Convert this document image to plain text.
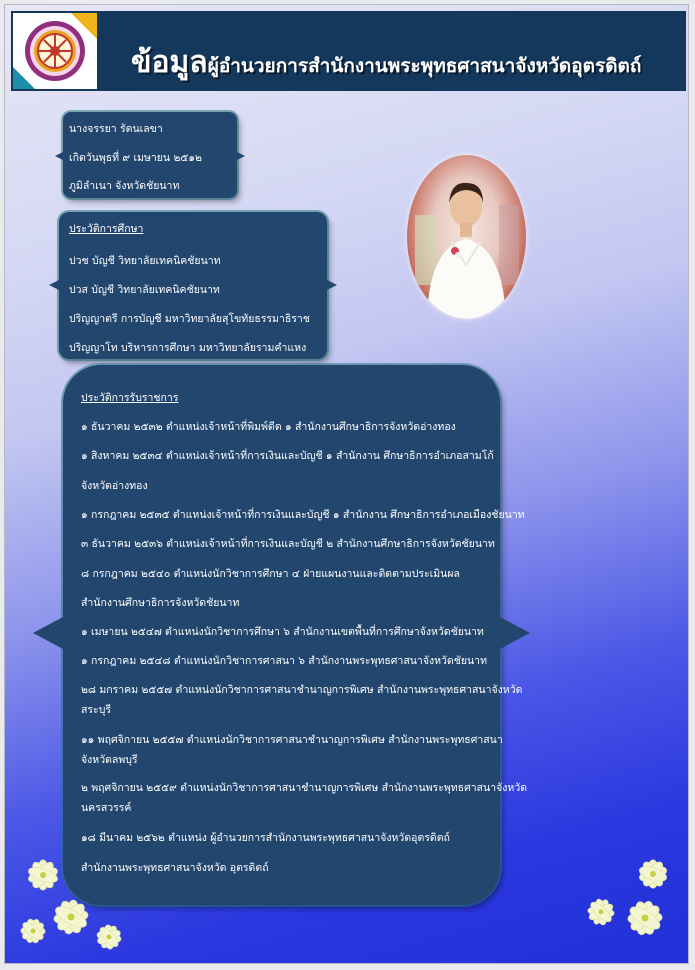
ข้อมูลผู้อำนวยการสำนักงานพระพุทธศาสนาจังหวัดอุตรดิตถ์
นางจรรยา รัตนเลขา
เกิดวันพุธที่ ๙ เมษายน ๒๕๑๒
ภูมิลำเนา จังหวัดชัยนาท
ประวัติการศึกษา
ปวช บัญชี วิทยาลัยเทคนิคชัยนาท
ปวส บัญชี วิทยาลัยเทคนิคชัยนาท
ปริญญาตรี การบัญชี มหาวิทยาลัยสุโขทัยธรรมาธิราช
ปริญญาโท บริหารการศึกษา มหาวิทยาลัยรามคำแหง
ประวัติการรับราชการ
๑ ธันวาคม ๒๕๓๒ ตำแหน่งเจ้าหน้าที่พิมพ์ดีด ๑ สำนักงานศึกษาธิการจังหวัดอ่างทอง
๑ สิงหาคม ๒๕๓๔ ตำแหน่งเจ้าหน้าที่การเงินและบัญชี ๑ สำนักงาน ศึกษาธิการอำเภอสามโก้
จังหวัดอ่างทอง
๑ กรกฎาคม ๒๕๓๕ ตำแหน่งเจ้าหน้าที่การเงินและบัญชี ๑ สำนักงาน ศึกษาธิการอำเภอเมืองชัยนาท
๓ ธันวาคม ๒๕๓๖ ตำแหน่งเจ้าหน้าที่การเงินและบัญชี ๒ สำนักงานศึกษาธิการจังหวัดชัยนาท
๘ กรกฎาคม ๒๕๔๐ ตำแหน่งนักวิชาการศึกษา ๔ ฝ่ายแผนงานและติดตามประเมินผล
สำนักงานศึกษาธิการจังหวัดชัยนาท
๑ เมษายน ๒๕๔๗ ตำแหน่งนักวิชาการศึกษา ๖ สำนักงานเขตพื้นที่การศึกษาจังหวัดชัยนาท
๑ กรกฎาคม ๒๕๔๘ ตำแหน่งนักวิชาการศาสนา ๖ สำนักงานพระพุทธศาสนาจังหวัดชัยนาท
๒๘ มกราคม ๒๕๕๗ ตำแหน่งนักวิชาการศาสนาชำนาญการพิเศษ สำนักงานพระพุทธศาสนาจังหวัด
สระบุรี
๑๑ พฤศจิกายน ๒๕๕๗ ตำแหน่งนักวิชาการศาสนาชำนาญการพิเศษ สำนักงานพระพุทธศาสนา
จังหวัดลพบุรี
๒ พฤศจิกายน ๒๕๕๙ ตำแหน่งนักวิชาการศาสนาชำนาญการพิเศษ สำนักงานพระพุทธศาสนาจังหวัด
นครสวรรค์
๑๘ มีนาคม ๒๕๖๒ ตำแหน่ง ผู้อำนวยการสำนักงานพระพุทธศาสนาจังหวัดอุตรดิตถ์
สำนักงานพระพุทธศาสนาจังหวัด อุตรดิตถ์
